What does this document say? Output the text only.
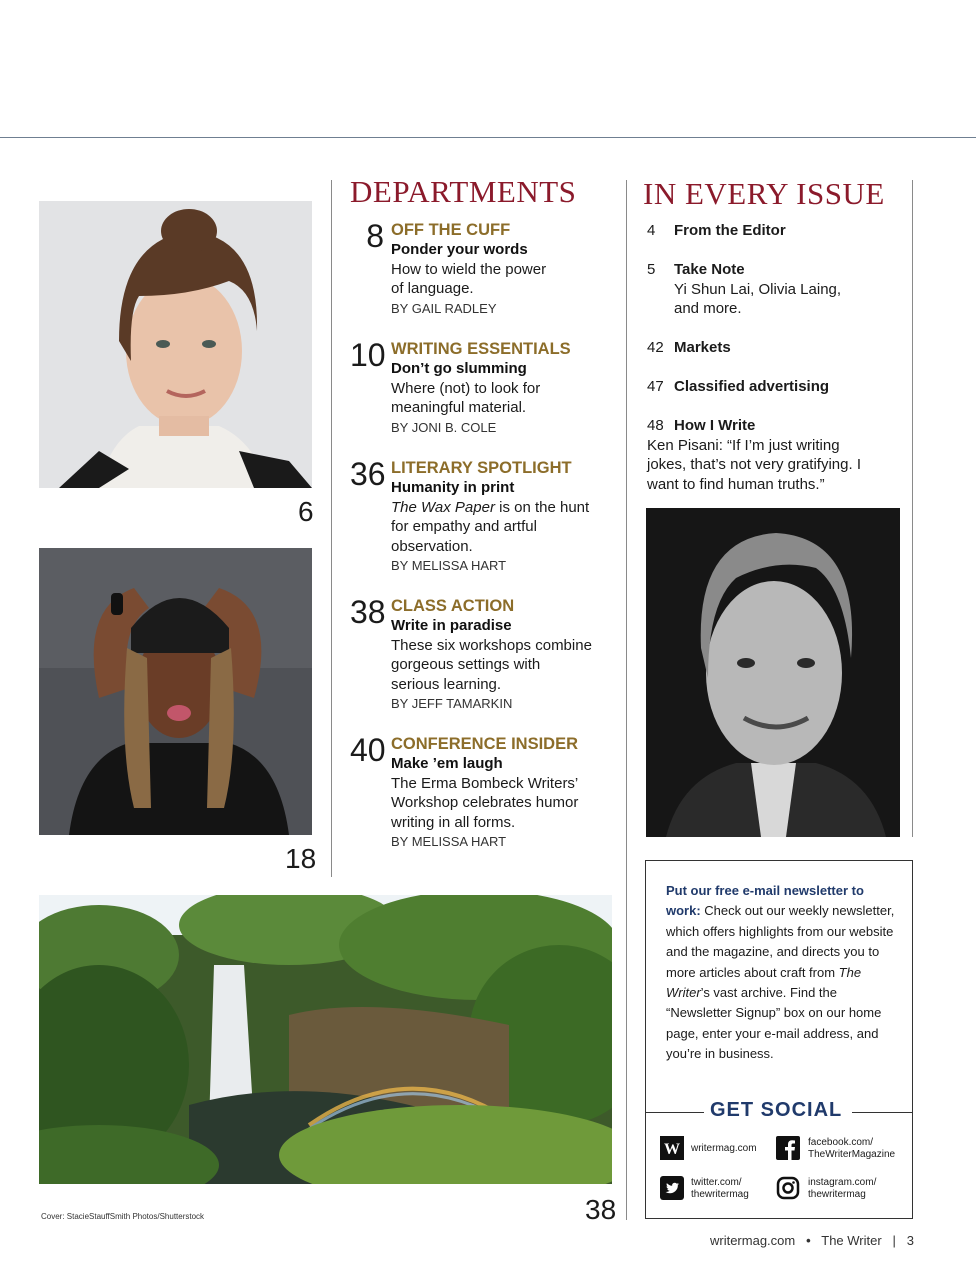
6
18
38
Cover: StacieStauffSmith Photos/Shutterstock
DEPARTMENTS
8 OFF THE CUFF
Ponder your words
How to wield the power
of language.
BY GAIL RADLEY
10 WRITING ESSENTIALS
Don’t go slumming
Where (not) to look for
meaningful material.
BY JONI B. COLE
36 LITERARY SPOTLIGHT
Humanity in print
The Wax Paper is on the hunt
for empathy and artful
observation.
BY MELISSA HART
38 CLASS ACTION
Write in paradise
These six workshops combine
gorgeous settings with
serious learning.
BY JEFF TAMARKIN
40 CONFERENCE INSIDER
Make ’em laugh
The Erma Bombeck Writers’
Workshop celebrates humor
writing in all forms.
BY MELISSA HART
IN EVERY ISSUE
4 From the Editor
5 Take Note
Yi Shun Lai, Olivia Laing,
and more.
42 Markets
47 Classified advertising
48 How I Write
Ken Pisani: “If I’m just writing
jokes, that’s not very gratifying. I
want to find human truths.”
Put our free e-mail newsletter to work: Check out our weekly newsletter, which offers highlights from our website and the magazine, and directs you to more articles about craft from The Writer’s vast archive. Find the “Newsletter Signup” box on our home page, enter your e-mail address, and you’re in business.
GET SOCIAL
W writermag.com
facebook.com/
TheWriterMagazine
twitter.com/
thewritermag
instagram.com/
thewritermag
writermag.com • The Writer | 3
